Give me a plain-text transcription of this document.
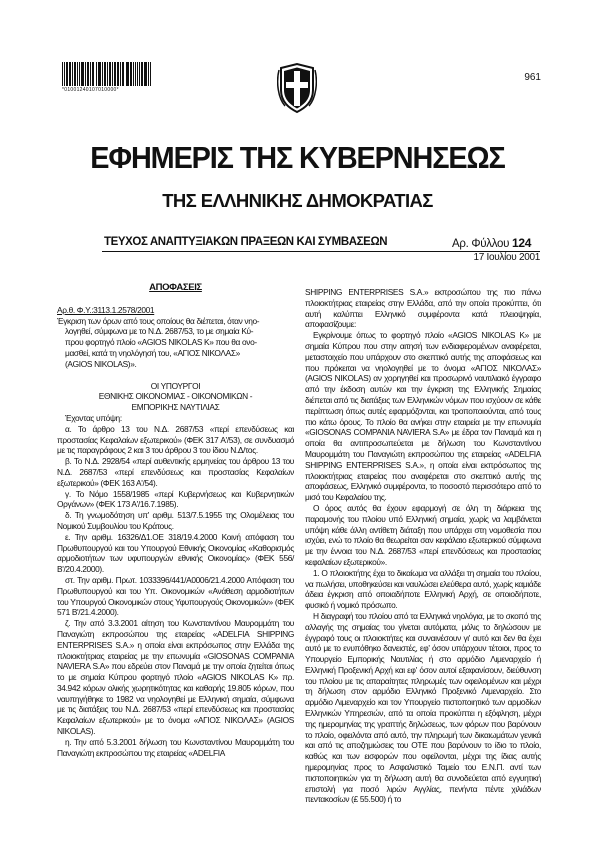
*01001240107010000*
961
ΕΦΗΜΕΡΙΣ ΤΗΣ ΚΥΒΕΡΝΗΣΕΩΣ
ΤΗΣ ΕΛΛΗΝΙΚΗΣ ΔΗΜΟΚΡΑΤΙΑΣ
ΤΕΥΧΟΣ ΑΝΑΠΤΥΞΙΑΚΩΝ ΠΡΑΞΕΩΝ ΚΑΙ ΣΥΜΒΑΣΕΩΝ	Αρ. Φύλλου 124
17 Ιουλίου 2001

ΑΠΟΦΑΣΕΙΣ

Αρ.θ. Φ.Υ.:3113.1.2578/2001

Έγκριση των όρων από τους οποίους θα διέπεται, όταν νηο-

λογηθεί, σύμφωνα με το Ν.Δ. 2687/53, το με σημαία Κύ-

πρου φορτηγό πλοίο «AGIOS NIKOLAS K» που θα ονο-

μασθεί, κατά τη νηολόγησή του, «ΑΓΙΟΣ ΝΙΚΟΛΑΣ»

(AGIOS NIKOLAS)».

ΟΙ ΥΠΟΥΡΓΟΙ

ΕΘΝΙΚΗΣ ΟΙΚΟΝΟΜΙΑΣ - ΟΙΚΟΝΟΜΙΚΩΝ -

ΕΜΠΟΡΙΚΗΣ ΝΑΥΤΙΛΙΑΣ

Έχοντας υπόψη:

α. Το άρθρο 13 του Ν.Δ. 2687/53 «περί επενδύσεως και προστασίας Κεφαλαίων εξωτερικού» (ΦΕΚ 317 Α'/53), σε συνδυασμό με τις παραγράφους 2 και 3 του άρθρου 3 του ίδιου Ν.Δ/τος.

β. Το Ν.Δ. 2928/54 «περί αυθεντικής ερμηνείας του άρθρου 13 του Ν.Δ. 2687/53 «περί επενδύσεως και προστασίας Κεφαλαίων εξωτερικού» (ΦΕΚ 163 Α'/54).

γ. Το Νόμο 1558/1985 «περί Κυβερνήσεως και Κυβερνητικών Οργάνων» (ΦΕΚ 173 Α'/16.7.1985).

δ. Τη γνωμοδότηση υπ' αριθμ. 513/7.5.1955 της Ολομέλειας του Νομικού Συμβουλίου του Κράτους.

ε. Την αριθμ. 16326/Δ1.ΟΕ 318/19.4.2000 Κοινή απόφαση του Πρωθυπουργού και του Υπουργού Εθνικής Οικονομίας «Καθορισμός αρμοδιοτήτων των υφυπουργών εθνικής Οικονομίας» (ΦΕΚ 556/Β'/20.4.2000).

στ. Την αριθμ. Πρωτ. 1033396/441/Α0006/21.4.2000 Απόφαση του Πρωθυπουργού και του Υπ. Οικονομικών «Ανάθεση αρμοδιοτήτων του Υπουργού Οικονομικών στους Υφυπουργούς Οικονομικών» (ΦΕΚ 571 Β'/21.4.2000).

ζ. Την από 3.3.2001 αίτηση του Κωνσταντίνου Μαυρομμάτη του Παναγιώτη εκπροσώπου της εταιρείας «ADELFIA SHIPPING ENTERPRISES S.A.» η οποία είναι εκπρόσωπος στην Ελλάδα της πλοιοκτήτριας εταιρείας με την επωνυμία «GIOSONAS COMPANIA NAVIERA S.A» που εδρεύει στον Παναμά με την οποία ζητείται όπως το με σημαία Κύπρου φορτηγό πλοίο «AGIOS NIKOLAS K» πρ. 34.942 κόρων ολικής χωρητικότητας και καθαρής 19.805 κόρων, που ναυπηγήθηκε το 1982 να νηολογηθεί με Ελληνική σημαία, σύμφωνα με τις διατάξεις του Ν.Δ. 2687/53 «περί επενδύσεως και προστασίας Κεφαλαίων εξωτερικού» με το όνομα «ΑΓΙΟΣ ΝΙΚΟΛΑΣ» (AGIOS NIKOLAS).

η. Την από 5.3.2001 δήλωση του Κωνσταντίνου Μαυρομμάτη του Παναγιώτη εκπροσώπου της εταιρείας «ADELFIA

SHIPPING ENTERPRISES S.A.» εκπροσώπου της πιο πάνω πλοιοκτήτριας εταιρείας στην Ελλάδα, από την οποία προκύπτει, ότι αυτή καλύπτει Ελληνικό συμφέροντα κατά πλειοψηφία, αποφασίζουμε:

Εγκρίνουμε όπως το φορτηγό πλοίο «AGIOS NIKOLAS K» με σημαία Κύπρου που στην αιτησή των ενδιαφερομένων αναφέρεται, μεταστοιχείο που υπάρχουν στο σκεπτικό αυτής της αποφάσεως και που πρόκειται να νηολογηθεί με το όνομα «ΑΓΙΟΣ ΝΙΚΟΛΑΣ» (AGIOS NIKOLAS) αν χορηγηθεί και προσωρινό ναυτιλιακό έγγραφο από την έκδοση αυτών και την έγκριση της Ελληνικής Σημαίας διέπεται από τις διατάξεις των Ελληνικών νόμων που ισχύουν σε κάθε περίπτωση όπως αυτές εφαρμόζονται, και τροποποιούνται, από τους πιο κάτω όρους. Το πλοίο θα ανήκει στην εταιρεία με την επωνυμία «GIOSONAS COMPANIA NAVIERA S.A» με έδρα τον Παναμά και η οποία θα αντιπροσωπεύεται με δήλωση του Κωνσταντίνου Μαυρομμάτη του Παναγιώτη εκπροσώπου της εταιρείας «ADELFIA SHIPPING ENTERPRISES S.A.», η οποία είναι εκπρόσωπος της πλοιοκτήτριας εταιρείας που αναφέρεται στο σκεπτικό αυτής της αποφάσεως, Ελληνικό συμφέροντα, το ποσοστό περισσότερο από το μισό του Κεφαλαίου της.

Ο όρος αυτός θα έχουν εφαρμογή σε όλη τη διάρκεια της παραμονής του πλοίου υπό Ελληνική σημαία, χωρίς να λαμβάνεται υπόψη κάθε άλλη αντίθετη διάταξη που υπάρχει στη νομοθεσία που ισχύει, ενώ το πλοίο θα θεωρείται σαν κεφάλαιο εξωτερικού σύμφωνα με την έννοια του Ν.Δ. 2687/53 «περί επενδύσεως και προστασίας κεφαλαίων εξωτερικού».

1. Ο πλοιοκτήτης έχει το δικαίωμα να αλλάξει τη σημαία του πλοίου, να πωλήσει, υποθηκεύσει και ναυλώσει ελεύθερα αυτό, χωρίς καμιάδε άδεια έγκριση από οποιαδήποτε Ελληνική Αρχή, σε οποιοδήποτε, φυσικό ή νομικό πρόσωπο.

Η διαγραφή του πλοίου από τα Ελληνικά νηολόγια, με το σκοπό της αλλαγής της σημαίας του γίνεται αυτόματα, μόλις το δηλώσουν με έγγραφό τους οι πλοιοκτήτες και συναινέσουν γι' αυτό και δεν θα έχει αυτό με το ενυπόθηκο δανειστές, εφ' όσον υπάρχουν τέτοιοι, προς το Υπουργείο Εμπορικής Ναυτιλίας ή στο αρμόδιο Λιμεναρχείο ή Ελληνική Προξενική Αρχή και εφ' όσον αυτοί εξαφανίσουν, διεύθυνση του πλοίου με τις απαραίτητες πληρωμές των οφειλομένων και μέχρι τη δήλωση στον αρμόδιο Ελληνικό Προξενικό Λιμεναρχείο. Στο αρμόδιο Λιμεναρχείο και τον Υπουργείο πιστοποιητικό των αρμοδίων Ελληνικών Υπηρεσιών, από τα οποία προκύπτει η εξόφληση, μέχρι της ημερομηνίας της γραπτής δηλώσεως, των φόρων που βαρύνουν το πλοίο, οφειλόντα από αυτό, την πληρωμή των δικαιωμάτων γενικά και από τις αποζημιώσεις του ΟΤΕ που βαρύνουν το ίδιο το πλοίο, καθώς και των εισφορών που οφείλονται, μέχρι της ίδιας αυτής ημερομηνίας προς το Ασφαλιστικό Ταμείο του Ε.Ν.Π. αντί των πιστοποιητικών για τη δήλωση αυτή θα συνοδεύεται από εγγυητική επιστολή για ποσό λιρών Αγγλίας, πενήντα πέντε χιλιάδων πεντακοσίων (£ 55.500) ή το
